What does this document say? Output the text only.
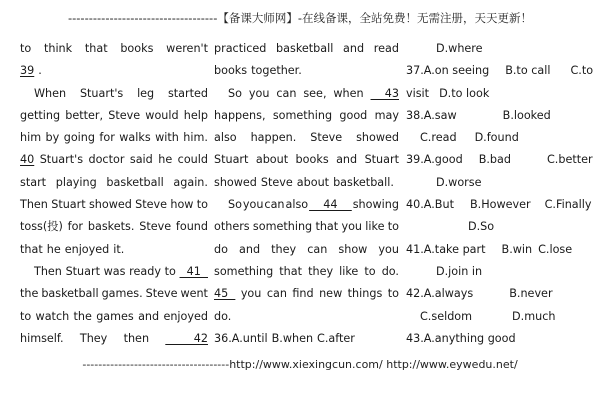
------------------------------------【备课大师网】-在线备课，全站免费！无需注册，天天更新！
to think that books weren't
39 .
When Stuart's leg started
getting better, Steve would help
him by going for walks with him.
40 Stuart's doctor said he could
start playing basketball again.
Then Stuart showed Steve how to
toss(投) for baskets. Steve found
that he enjoyed it.
Then Stuart was ready to 41
the basketball games. Steve went
to watch the games and enjoyed
himself. They then 42
practiced basketball and read
books together.
So you can see, when 43
happens, something good may
also happen. Steve showed
Stuart about books and Stuart
showed Steve about basketball.
So you can also 44 showing
others something that you like to
do and they can show you
something that they like to do.
45 you can find new things to
do.
36.A.until B.when C.after
D.where
37.A.on seeing B.to call C.to
visit D.to look
38.A.saw	B.looked
C.read D.found
39.A.good B.bad	C.better
D.worse
40.A.But B.However C.Finally
D.So
41.A.take part B.win C.lose
D.join in
42.A.always	B.never
C.seldom	D.much
43.A.anything good
-------------------------------------http://www.xiexingcun.com/ http://www.eywedu.net/
